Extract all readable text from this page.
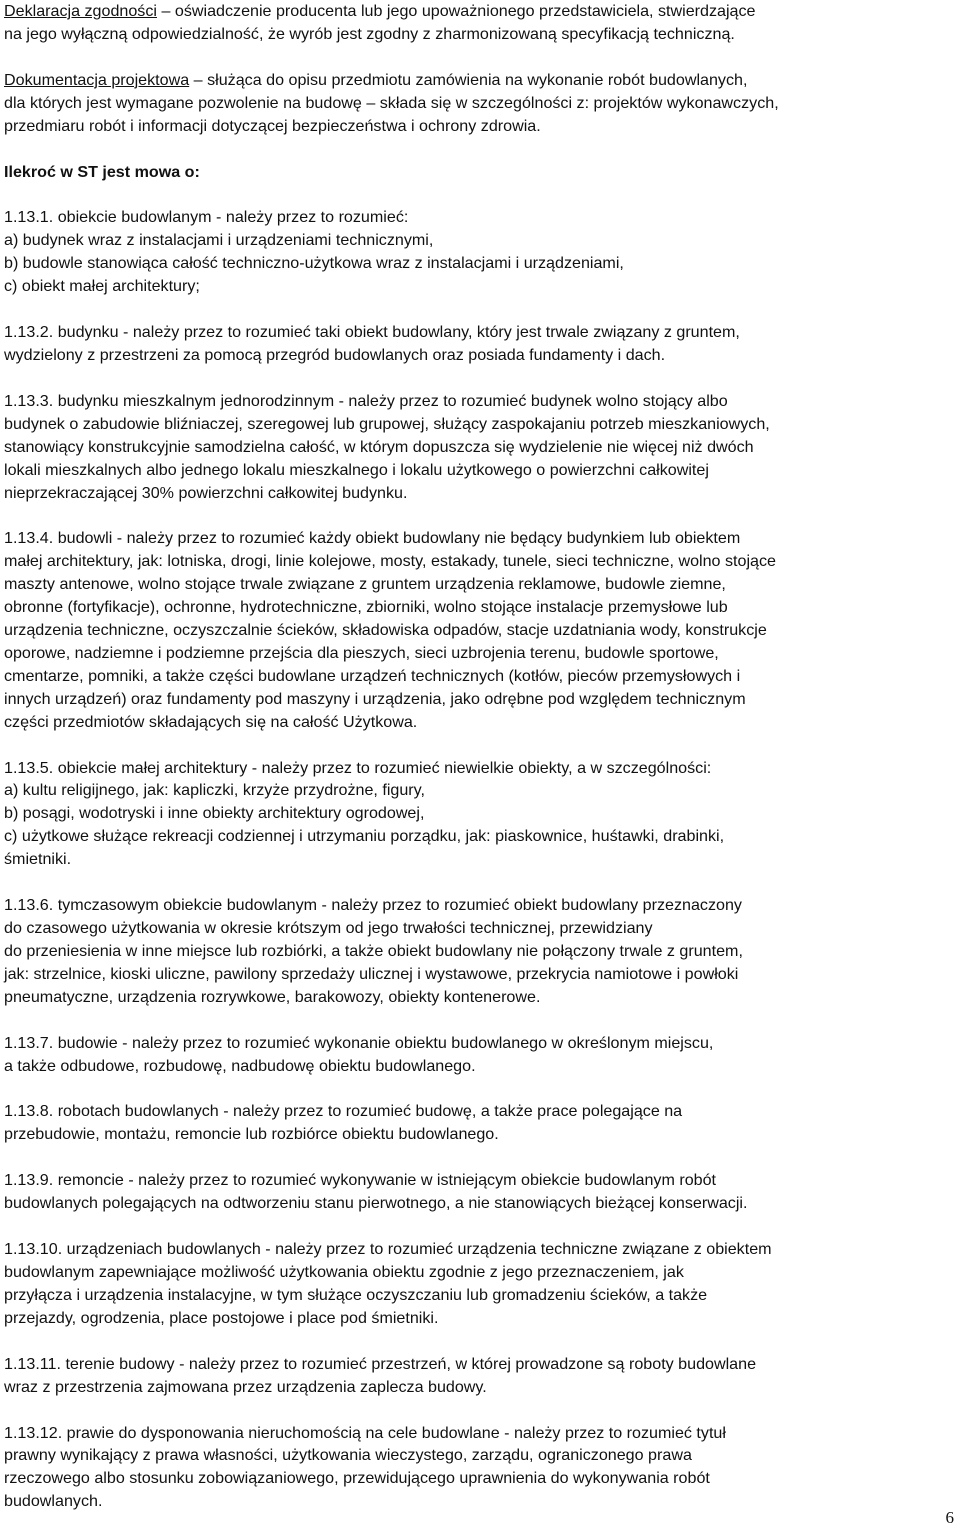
Deklaracja zgodności – oświadczenie producenta lub jego upoważnionego przedstawiciela, stwierdzające
na jego wyłączną odpowiedzialność, że wyrób jest zgodny z zharmonizowaną specyfikacją techniczną.
Dokumentacja projektowa – służąca do opisu przedmiotu zamówienia na wykonanie robót budowlanych,
dla których jest wymagane pozwolenie na budowę – składa się w szczególności z: projektów wykonawczych,
przedmiaru robót i informacji dotyczącej bezpieczeństwa i ochrony zdrowia.
Ilekroć w ST jest mowa o:
1.13.1. obiekcie budowlanym - należy przez to rozumieć:
a) budynek wraz z instalacjami i urządzeniami technicznymi,
b) budowle stanowiąca całość techniczno-użytkowa wraz z instalacjami i urządzeniami,
c) obiekt małej architektury;
1.13.2. budynku - należy przez to rozumieć taki obiekt budowlany, który jest trwale związany z gruntem,
wydzielony z przestrzeni za pomocą przegród budowlanych oraz posiada fundamenty i dach.
1.13.3. budynku mieszkalnym jednorodzinnym - należy przez to rozumieć budynek wolno stojący albo
budynek o zabudowie bliźniaczej, szeregowej lub grupowej, służący zaspokajaniu potrzeb mieszkaniowych,
stanowiący konstrukcyjnie samodzielna całość, w którym dopuszcza się wydzielenie nie więcej niż dwóch
lokali mieszkalnych albo jednego lokalu mieszkalnego i lokalu użytkowego o powierzchni całkowitej
nieprzekraczającej 30% powierzchni całkowitej budynku.
1.13.4. budowli - należy przez to rozumieć każdy obiekt budowlany nie będący budynkiem lub obiektem
małej architektury, jak: lotniska, drogi, linie kolejowe, mosty, estakady, tunele, sieci techniczne, wolno stojące
maszty antenowe, wolno stojące trwale związane z gruntem urządzenia reklamowe, budowle ziemne,
obronne (fortyfikacje), ochronne, hydrotechniczne, zbiorniki, wolno stojące instalacje przemysłowe lub
urządzenia techniczne, oczyszczalnie ścieków, składowiska odpadów, stacje uzdatniania wody, konstrukcje
oporowe, nadziemne i podziemne przejścia dla pieszych, sieci uzbrojenia terenu, budowle sportowe,
cmentarze, pomniki, a także części budowlane urządzeń technicznych (kotłów, pieców przemysłowych i
innych urządzeń) oraz fundamenty pod maszyny i urządzenia, jako odrębne pod względem technicznym
części przedmiotów składających się na całość Użytkowa.
1.13.5. obiekcie małej architektury - należy przez to rozumieć niewielkie obiekty, a w szczególności:
a) kultu religijnego, jak: kapliczki, krzyże przydrożne, figury,
b) posągi, wodotryski i inne obiekty architektury ogrodowej,
c) użytkowe służące rekreacji codziennej i utrzymaniu porządku, jak: piaskownice, huśtawki, drabinki,
śmietniki.
1.13.6. tymczasowym obiekcie budowlanym - należy przez to rozumieć obiekt budowlany przeznaczony
do czasowego użytkowania w okresie krótszym od jego trwałości technicznej, przewidziany
do przeniesienia w inne miejsce lub rozbiórki, a także obiekt budowlany nie połączony trwale z gruntem,
jak: strzelnice, kioski uliczne, pawilony sprzedaży ulicznej i wystawowe, przekrycia namiotowe i powłoki
pneumatyczne, urządzenia rozrywkowe, barakowozy, obiekty kontenerowe.
1.13.7. budowie - należy przez to rozumieć wykonanie obiektu budowlanego w określonym miejscu,
a także odbudowe, rozbudowę, nadbudowę obiektu budowlanego.
1.13.8. robotach budowlanych - należy przez to rozumieć budowę, a także prace polegające na
przebudowie, montażu, remoncie lub rozbiórce obiektu budowlanego.
1.13.9. remoncie - należy przez to rozumieć wykonywanie w istniejącym obiekcie budowlanym robót
budowlanych polegających na odtworzeniu stanu pierwotnego, a nie stanowiących bieżącej konserwacji.
1.13.10. urządzeniach budowlanych - należy przez to rozumieć urządzenia techniczne związane z obiektem
budowlanym zapewniające możliwość użytkowania obiektu zgodnie z jego przeznaczeniem, jak
przyłącza i urządzenia instalacyjne, w tym służące oczyszczaniu lub gromadzeniu ścieków, a także
przejazdy, ogrodzenia, place postojowe i place pod śmietniki.
1.13.11. terenie budowy - należy przez to rozumieć przestrzeń, w której prowadzone są roboty budowlane
wraz z przestrzenia zajmowana przez urządzenia zaplecza budowy.
1.13.12. prawie do dysponowania nieruchomością na cele budowlane - należy przez to rozumieć tytuł
prawny wynikający z prawa własności, użytkowania wieczystego, zarządu, ograniczonego prawa
rzeczowego albo stosunku zobowiązaniowego, przewidującego uprawnienia do wykonywania robót
budowlanych.
6
